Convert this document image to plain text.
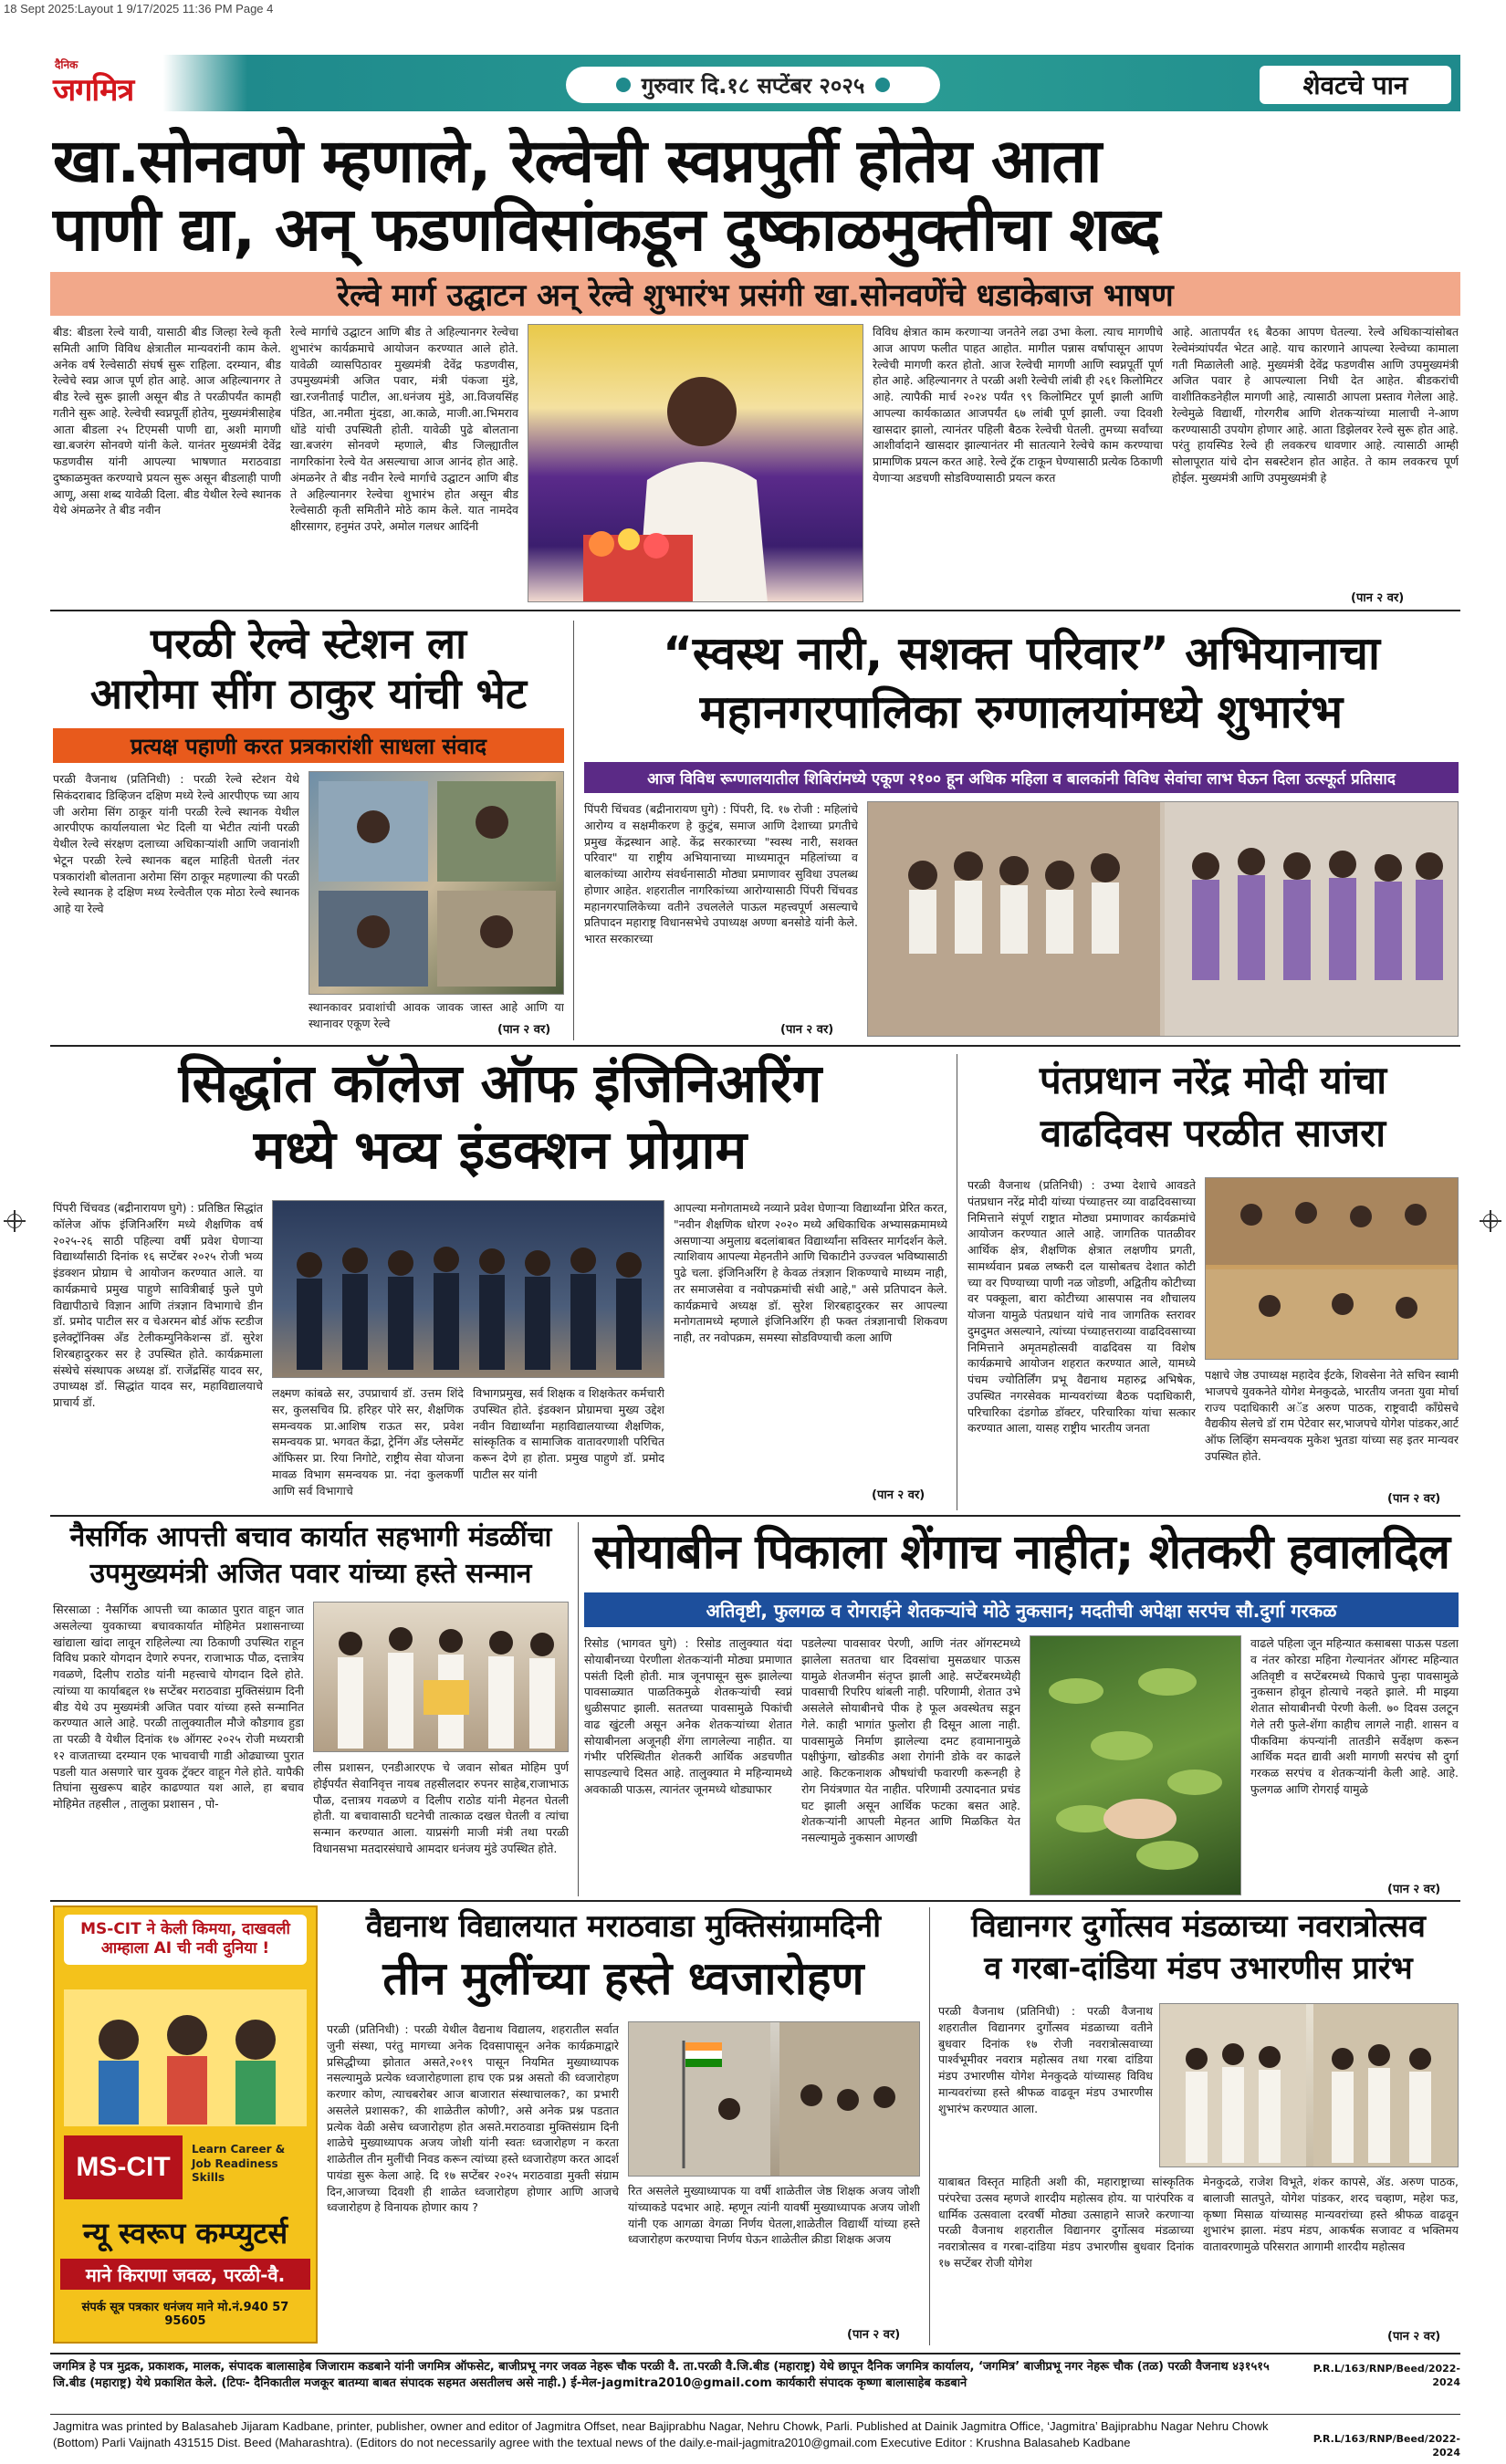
18 Sept 2025:Layout 1 9/17/2025 11:36 PM Page 4
दैनिक
जगमित्र	गुरुवार दि.१८ सप्टेंबर २०२५	शेवटचे पान
खा.सोनवणे म्हणाले, रेल्वेची स्वप्नपुर्ती होतेय आता
पाणी द्या, अन् फडणविसांकडून दुष्काळमुक्तीचा शब्द
रेल्वे मार्ग उद्घाटन अन् रेल्वे शुभारंभ प्रसंगी खा.सोनवणेंचे धडाकेबाज भाषण
बीड: बीडला रेल्वे यावी, यासाठी बीड जिल्हा रेल्वे कृती समिती आणि विविध क्षेत्रातील मान्यवरांनी काम केले. अनेक वर्ष रेल्वेसाठी संघर्ष सुरू राहिला. दरम्यान, बीड रेल्वेचे स्वप्न आज पूर्ण होत आहे. आज अहिल्यानगर ते बीड रेल्वे सुरू झाली असून बीड ते परळीपर्यंत कामही गतीने सुरू आहे. रेल्वेची स्वप्नपूर्ती होतेय, मुख्यमंत्रीसाहेब आता बीडला २५ टिएमसी पाणी द्या, अशी मागणी खा.बजरंग सोनवणे यांनी केले. यानंतर मुख्यमंत्री देवेंद्र फडणवीस यांनी आपल्या भाषणात मराठवाडा दुष्काळमुक्त करण्याचे प्रयत्न सुरू असून बीडलाही पाणी आणू, असा शब्द यावेळी दिला. बीड येथील रेल्वे स्थानक येथे अंमळनेर ते बीड नवीन
रेल्वे मार्गाचे उद्घाटन आणि बीड ते अहिल्यानगर रेल्वेचा शुभारंभ कार्यक्रमाचे आयोजन करण्यात आले होते. यावेळी व्यासपिठावर मुख्यमंत्री देवेंद्र फडणवीस, उपमुख्यमंत्री अजित पवार, मंत्री पंकजा मुंडे, खा.रजनीताई पाटील, आ.धनंजय मुंडे, आ.विजयसिंह पंडित, आ.नमीता मुंदडा, आ.काळे, माजी.आ.भिमराव धोंडे यांची उपस्थिती होती. यावेळी पुढे बोलताना खा.बजरंग सोनवणे म्हणाले, बीड जिल्ह्यातील नागरिकांना रेल्वे येत असल्याचा आज आनंद होत आहे. अंमळनेर ते बीड नवीन रेल्वे मार्गाचे उद्घाटन आणि बीड ते अहिल्यानगर रेल्वेचा शुभारंभ होत असून बीड रेल्वेसाठी कृती समितीने मोठे काम केले. यात नामदेव क्षीरसागर, हनुमंत उपरे, अमोल गलधर आदिंनी
विविध क्षेत्रात काम करणाऱ्या जनतेने लढा उभा केला. त्याच मागणीचे आज आपण फलीत पाहत आहोत. मागील पन्नास वर्षापासून आपण रेल्वेची मागणी करत होतो. आज रेल्वेची मागणी आणि स्वप्नपूर्ती पूर्ण होत आहे. अहिल्यानगर ते परळी अशी रेल्वेची लांबी ही २६१ किलोमिटर आहे. त्यापैकी मार्च २०२४ पर्यंत ९९ किलोमिटर पूर्ण झाली आणि आपल्या कार्यकाळात आजपर्यंत ६७ लांबी पूर्ण झाली. ज्या दिवशी खासदार झालो, त्यानंतर पहिली बैठक रेल्वेची घेतली. तुमच्या सर्वांच्या आशीर्वादाने खासदार झाल्यानंतर मी सातत्याने रेल्वेचे काम करण्याचा प्रामाणिक प्रयत्न करत आहे. रेल्वे ट्रॅक टाकून घेण्यासाठी प्रत्येक ठिकाणी येणाऱ्या अडचणी सोडविण्यासाठी प्रयत्न करत
आहे. आतापर्यंत १६ बैठका आपण घेतल्या. रेल्वे अधिकाऱ्यांसोबत रेल्वेमंत्र्यांपर्यंत भेटत आहे. याच कारणाने आपल्या रेल्वेच्या कामाला गती मिळालेली आहे. मुख्यमंत्री देवेंद्र फडणवीस आणि उपमुख्यमंत्री अजित पवार हे आपल्याला निधी देत आहेत. बीडकरांची वाशीतिकडनेहील मागणी आहे, त्यासाठी आपला प्रस्ताव गेलेला आहे. रेल्वेमुळे विद्यार्थी, गोरगरीब आणि शेतकऱ्यांच्या मालाची ने-आण करण्यासाठी उपयोग होणार आहे. आता डिझेलवर रेल्वे सुरू होत आहे. परंतु हायस्पिड रेल्वे ही लवकरच धावणार आहे. त्यासाठी आम्ही सोलापूरात यांचे दोन सबस्टेशन होत आहेत. ते काम लवकरच पूर्ण होईल. मुख्यमंत्री आणि उपमुख्यमंत्री हे
(पान २ वर)
परळी रेल्वे स्टेशन ला
आरोमा सींग ठाकुर यांची भेट
प्रत्यक्ष पहाणी करत प्रत्रकारांशी साधला संवाद
परळी वैजनाथ (प्रतिनिधी) : परळी रेल्वे स्टेशन येथे सिकंदराबाद डिव्हिजन दक्षिण मध्ये रेल्वे आरपीएफ च्या आय जी अरोमा सिंग ठाकूर यांनी परळी रेल्वे स्थानक येथील आरपीएफ कार्यालयाला भेट दिली या भेटीत त्यांनी परळी येथील रेल्वे संरक्षण दलाच्या अधिकाऱ्यांशी आणि जवानांशी भेटून परळी रेल्वे स्थानक बद्दल माहिती घेतली नंतर पत्रकारांशी बोलताना अरोमा सिंग ठाकूर महणाल्या की परळी रेल्वे स्थानक हे दक्षिण मध्य रेल्वेतील एक मोठा रेल्वे स्थानक आहे या रेल्वे
स्थानकावर प्रवाशांची आवक जावक जास्त आहे आणि या स्थानावर एकूण रेल्वे	(पान २ वर)
“स्वस्थ नारी, सशक्त परिवार” अभियानाचा
महानगरपालिका रुग्णालयांमध्ये शुभारंभ
आज विविध रूग्णालयातील शिबिरांमध्ये एकूण २१०० हून अधिक महिला व बालकांनी विविध सेवांचा लाभ घेऊन दिला उत्स्फूर्त प्रतिसाद
पिंपरी चिंचवड (बद्रीनारायण घुगे) : पिंपरी, दि. १७ रोजी : महिलांचे आरोग्य व सक्षमीकरण हे कुटुंब, समाज आणि देशाच्या प्रगतीचे प्रमुख केंद्रस्थान आहे. केंद्र सरकारच्या "स्वस्थ नारी, सशक्त परिवार" या राष्ट्रीय अभियानाच्या माध्यमातून महिलांच्या व बालकांच्या आरोग्य संवर्धनासाठी मोठ्या प्रमाणावर सुविधा उपलब्ध होणार आहेत. शहरातील नागरिकांच्या आरोग्यासाठी पिंपरी चिंचवड महानगरपालिकेच्या वतीने उचललेले पाऊल महत्त्वपूर्ण असल्याचे प्रतिपादन महाराष्ट्र विधानसभेचे उपाध्यक्ष अण्णा बनसोडे यांनी केले. भारत सरकारच्या
(पान २ वर)
सिद्धांत कॉलेज ऑफ इंजिनिअरिंग
मध्ये भव्य इंडक्शन प्रोग्राम
पिंपरी चिंचवड (बद्रीनारायण घुगे) : प्रतिष्ठित सिद्धांत कॉलेज ऑफ इंजिनिअरिंग मध्ये शैक्षणिक वर्ष २०२५-२६ साठी पहिल्या वर्षी प्रवेश घेणाऱ्या विद्यार्थ्यांसाठी दिनांक १६ सप्टेंबर २०२५ रोजी भव्य इंडक्शन प्रोग्राम चे आयोजन करण्यात आले. या कार्यक्रमाचे प्रमुख पाहुणे सावित्रीबाई फुले पुणे विद्यापीठाचे विज्ञान आणि तंत्रज्ञान विभागाचे डीन डॉ. प्रमोद पाटील सर व चेअरमन बोर्ड ऑफ स्टडीज इलेक्ट्रॉनिक्स अँड टेलीकम्युनिकेशन्स डॉ. सुरेश शिरबहादुरकर सर हे उपस्थित होते. कार्यक्रमाला संस्थेचे संस्थापक अध्यक्ष डॉ. राजेंद्रसिंह यादव सर, उपाध्यक्ष डॉ. सिद्धांत यादव सर, महाविद्यालयाचे प्राचार्य डॉ.
लक्ष्मण कांबळे सर, उपप्राचार्य डॉ. उत्तम शिंदे सर, कुलसचिव प्रि. हरिहर पोरे सर, शैक्षणिक समन्वयक प्रा.आशिष राऊत सर, प्रवेश समन्वयक प्रा. भगवत केंद्रा, ट्रेनिंग अँड प्लेसमेंट ऑफिसर प्रा. रिया निगोटे, राष्ट्रीय सेवा योजना मावळ विभाग समन्वयक प्रा. नंदा कुलकर्णी आणि सर्व विभागाचे
विभागप्रमुख, सर्व शिक्षक व शिक्षकेतर कर्मचारी उपस्थित होते. इंडक्शन प्रोग्रामचा मुख्य उद्देश नवीन विद्यार्थ्यांना महाविद्यालयाच्या शैक्षणिक, सांस्कृतिक व सामाजिक वातावरणाशी परिचित करून देणे हा होता. प्रमुख पाहुणे डॉ. प्रमोद पाटील सर यांनी
आपल्या मनोगतामध्ये नव्याने प्रवेश घेणाऱ्या विद्यार्थ्यांना प्रेरित करत, "नवीन शैक्षणिक धोरण २०२० मध्ये अधिकाधिक अभ्यासक्रमामध्ये असणाऱ्या अमुलाग्र बदलांबाबत विद्यार्थ्यांना सविस्तर मार्गदर्शन केले. त्याशिवाय आपल्या मेहनतीने आणि चिकाटीने उज्ज्वल भविष्यासाठी पुढे चला. इंजिनिअरिंग हे केवळ तंत्रज्ञान शिकण्याचे माध्यम नाही, तर समाजसेवा व नवोपक्रमांची संधी आहे," असे प्रतिपादन केले. कार्यक्रमाचे अध्यक्ष डॉ. सुरेश शिरबहादुरकर सर आपल्या मनोगतामध्ये म्हणाले इंजिनिअरिंग ही फक्त तंत्रज्ञानाची शिकवण नाही, तर नवोपक्रम, समस्या सोडविण्याची कला आणि
(पान २ वर)
पंतप्रधान नरेंद्र मोदी यांचा
वाढदिवस परळीत साजरा
परळी वैजनाथ (प्रतिनिधी) : उभ्या देशाचे आवडते पंतप्रधान नरेंद्र मोदी यांच्या पंच्याहत्तर व्या वाढदिवसाच्या निमित्ताने संपूर्ण राष्ट्रात मोठ्या प्रमाणावर कार्यक्रमांचे आयोजन करण्यात आले आहे. जागतिक पातळीवर आर्थिक क्षेत्र, शैक्षणिक क्षेत्रात लक्षणीय प्रगती, सामर्थ्यवान प्रबळ लष्करी दल यासोबतच देशात कोटी च्या वर पिण्याच्या पाणी नळ जोडणी, अद्वितीय कोटीच्या वर पक्कूला, बारा कोटीच्या आसपास नव शौचालय योजना यामुळे पंतप्रधान यांचे नाव जागतिक स्तरावर दुमदुमत असल्याने, त्यांच्या पंच्याहत्तराव्या वाढदिवसाच्या निमित्ताने अमृतमहोत्सवी वाढदिवस या विशेष कार्यक्रमाचे आयोजन शहरात करण्यात आले, यामध्ये पंचम ज्योतिर्लिंग प्रभू वैद्यनाथ महारुद्र अभिषेक, उपस्थित नगरसेवक मान्यवरांच्या बैठक पदाधिकारी, परिचारिका दंडगोळ डॉक्टर, परिचारिका यांचा सत्कार करण्यात आला, यासह राष्ट्रीय भारतीय जनता
पक्षाचे जेष्ठ उपाध्यक्ष महादेव ईटके, शिवसेना नेते सचिन स्वामी भाजपचे युवकनेते योगेश मेनकुदळे, भारतीय जनता युवा मोर्चा राज्य पदाधिकारी अॅड अरुण पाठक, राष्ट्रवादी कॉंग्रेसचे वैद्यकीय सेलचे डॉ राम पेटेवार सर,भाजपचे योगेश पांडकर,आर्ट ऑफ लिव्हिंग समन्वयक मुकेश भुतडा यांच्या सह इतर मान्यवर उपस्थित होते.
(पान २ वर)
नैसर्गिक आपत्ती बचाव कार्यात सहभागी मंडळींचा
उपमुख्यमंत्री अजित पवार यांच्या हस्ते सन्मान
सिरसाळा : नैसर्गिक आपत्ती च्या काळात पुरात वाहून जात असलेल्या युवकाच्या बचावकार्यात मोहिमेत प्रशासनाच्या खांद्याला खांदा लावून राहिलेल्या त्या ठिकाणी उपस्थित राहून विविध प्रकारे योगदान देणारे रुपनर, राजाभाऊ पौळ, दत्तात्रेय गवळणे, दिलीप राठोड यांनी महत्त्वाचे योगदान दिले होते. त्यांच्या या कार्याबद्दल १७ सप्टेंबर मराठवाडा मुक्तिसंग्राम दिनी बीड येथे उप मुख्यमंत्री अजित पवार यांच्या हस्ते सन्मानित करण्यात आले आहे. परळी तालुक्यातील मौजे कौडगाव हुडा ता परळी वै येथील दिनांक १७ ऑगस्ट २०२५ रोजी मध्यरात्री १२ वाजताच्या दरम्यान एक भाचवाची गाडी ओढ्याच्या पुरात पडली यात असणारे चार युवक ट्रॅक्टर वाहून गेले होते. यापैकी तिघांना सुखरूप बाहेर काढण्यात यश आले, हा बचाव मोहिमेत तहसील , तालुका प्रशासन , पो-
लीस प्रशासन, एनडीआरएफ चे जवान सोबत मोहिम पुर्ण होईपर्यंत सेवानिवृत्त नायब तहसीलदार रुपनर साहेब,राजाभाऊ पौळ, दत्तात्रय गवळणे व दिलीप राठोड यांनी मेहनत घेतली होती. या बचावासाठी घटनेची तात्काळ दखल घेतली व त्यांचा सन्मान करण्यात आला. याप्रसंगी माजी मंत्री तथा परळी विधानसभा मतदारसंघाचे आमदार धनंजय मुंडे उपस्थित होते.
सोयाबीन पिकाला शेंगाच नाहीत; शेतकरी हवालदिल
अतिवृष्टी, फुलगळ व रोगराईने शेतकऱ्यांचे मोठे नुकसान; मदतीची अपेक्षा सरपंच सौ.दुर्गा गरकळ
रिसोड (भागवत घुगे) : रिसोड तालुक्यात यंदा सोयाबीनच्या पेरणीला शेतकऱ्यांनी मोठ्या प्रमाणात पसंती दिली होती. मात्र जूनपासून सुरू झालेल्या पावसाळ्यात पाळतिकमुळे शेतकऱ्यांची स्वप्नं धुळीसपाट झाली. सततच्या पावसामुळे पिकांची वाढ खुंटली असून अनेक शेतकऱ्यांच्या शेतात सोयाबीनला अजूनही शेंगा लागलेल्या नाहीत. या गंभीर परिस्थितीत शेतकरी आर्थिक अडचणीत सापडल्याचे दिसत आहे. तालुक्यात मे महिन्यामध्ये अवकाळी पाऊस, त्यानंतर जूनमध्ये थोड्याफार
पडलेल्या पावसावर पेरणी, आणि नंतर ऑगस्टमध्ये झालेला सततचा धार दिवसांचा मुसळधार पाऊस यामुळे शेतजमीन संतृप्त झाली आहे. सप्टेंबरमध्येही पावसाची रिपरिप थांबली नाही. परिणामी, शेतात उभे असलेले सोयाबीनचे पीक हे फूल अवस्थेतच सडून गेले. काही भागांत फुलोरा ही दिसून आला नाही. पावसामुळे निर्माण झालेल्या दमट हवामानामुळे पक्षीफुंगा, खोडकीड अशा रोगांनी डोके वर काढले आहे. किटकनाशक औषधांची फवारणी करूनही हे रोग नियंत्रणात येत नाहीत. परिणामी उत्पादनात प्रचंड घट झाली असून आर्थिक फटका बसत आहे. शेतकऱ्यांनी आपली मेहनत आणि मिळकित येत नसल्यामुळे नुकसान आणखी
वाढले पहिला जून महिन्यात कसाबसा पाऊस पडला व नंतर कोरडा महिना गेल्यानंतर ऑगस्ट महिन्यात अतिवृष्टी व सप्टेंबरमध्ये पिकाचे पुन्हा पावसामुळे नुकसान होवून होत्याचे नव्हते झाले. मी माझ्या शेतात सोयाबीनची पेरणी केली. ७० दिवस उलटून गेले तरी फुले-शेंगा काहीच लागले नाही. शासन व पीकविमा कंपन्यांनी तातडीने सर्वेक्षण करून आर्थिक मदत द्यावी अशी मागणी सरपंच सौ दुर्गा गरकळ सरपंच व शेतकऱ्यांनी केली आहे. आहे. फुलगळ आणि रोगराई यामुळे
(पान २ वर)
MS-CIT ने केली किमया, दाखवली आम्हाला AI ची नवी दुनिया !
MS-CIT
Learn Career & Job Readiness Skills
न्यू स्वरूप कम्प्युटर्स
माने किराणा जवळ, परळी-वै.
संपर्क सूत्र पत्रकार धनंजय माने मो.नं.940 57 95605
वैद्यनाथ विद्यालयात मराठवाडा मुक्तिसंग्रामदिनी
तीन मुलींच्या हस्ते ध्वजारोहण
परळी (प्रतिनिधी) : परळी येथील वैद्यनाथ विद्यालय, शहरातील सर्वात जुनी संस्था, परंतु मागच्या अनेक दिवसापासून अनेक कार्यक्रमाद्वारे प्रसिद्धीच्या झोतात असते,२०१९ पासून नियमित मुख्याध्यापक नसल्यामुळे प्रत्येक ध्वजारोहणाला हाच एक प्रश्न असतो की ध्वजारोहण करणार कोण, त्याचबरोबर आज बाजारात संस्थाचालक?, का प्रभारी असलेले प्रशासक?, की शाळेतील कोणी?, असे अनेक प्रश्न पडतात प्रत्येक वेळी असेच ध्वजारोहण होत असते.मराठवाडा मुक्तिसंग्राम दिनी शाळेचे मुख्याध्यापक अजय जोशी यांनी स्वतः ध्वजारोहण न करता शाळेतील तीन मुलींची निवड करून त्यांच्या हस्ते ध्वजारोहण करत आदर्श पायंडा सुरू केला आहे. दि १७ सप्टेंबर २०२५ मराठवाडा मुक्ती संग्राम दिन,आजच्या दिवशी ही शाळेत ध्वजारोहण होणार आणि आजचे ध्वजारोहण हे विनायक होणार काय ?
रित असलेले मुख्याध्यापक या वर्षी शाळेतील जेष्ठ शिक्षक अजय जोशी यांच्याकडे पदभार आहे. म्हणून त्यांनी यावर्षी मुख्याध्यापक अजय जोशी यांनी एक आगळा वेगळा निर्णय घेतला,शाळेतील विद्यार्थी यांच्या हस्ते ध्वजारोहण करण्याचा निर्णय घेऊन शाळेतील क्रीडा शिक्षक अजय
(पान २ वर)
विद्यानगर दुर्गोत्सव मंडळाच्या नवरात्रोत्सव
व गरबा-दांडिया मंडप उभारणीस प्रारंभ
परळी वैजनाथ (प्रतिनिधी) : परळी वैजनाथ शहरातील विद्यानगर दुर्गोत्सव मंडळाच्या वतीने बुधवार दिनांक १७ रोजी नवरात्रोत्सवाच्या पार्श्वभूमीवर नवरात्र महोत्सव तथा गरबा दांडिया मंडप उभारणीस योगेश मेनकुदळे यांच्यासह विविध मान्यवरांच्या हस्ते श्रीफळ वाढवून मंडप उभारणीस शुभारंभ करण्यात आला.
याबाबत विस्तृत माहिती अशी की, महाराष्ट्राच्या सांस्कृतिक परंपरेचा उत्सव म्हणजे शारदीय महोत्सव होय. या पारंपरिक व धार्मिक उत्सवाला दरवर्षी मोठ्या उत्साहाने साजरे करणाऱ्या परळी वैजनाथ शहरातील विद्यानगर दुर्गोत्सव मंडळाच्या नवरात्रोत्सव व गरबा-दांडिया मंडप उभारणीस बुधवार दिनांक १७ सप्टेंबर रोजी योगेश
मेनकुदळे, राजेश विभूते, शंकर कापसे, ॲड. अरुण पाठक, बालाजी सातपुते, योगेश पांडकर, शरद चव्हाण, महेश फड, कृष्णा मिसाळ यांच्यासह मान्यवरांच्या हस्ते श्रीफळ वाढवून शुभारंभ झाला. मंडप मंडप, आकर्षक सजावट व भक्तिमय वातावरणामुळे परिसरात आगामी शारदीय महोत्सव
(पान २ वर)
जगमित्र हे पत्र मुद्रक, प्रकाशक, मालक, संपादक बालासाहेब जिजाराम कडबाने यांनी जगमित्र ऑफसेट, बाजीप्रभू नगर जवळ नेहरू चौक परळी वै. ता.परळी वै.जि.बीड (महाराष्ट्र) येथे छापून दैनिक जगमित्र कार्यालय, ‘जगमित्र’ बाजीप्रभू नगर नेहरू चौक (तळ) परळी वैजनाथ ४३१५१५ जि.बीड (महाराष्ट्र) येथे प्रकाशित केले. (टिपः- दैनिकातील मजकूर बातम्या बाबत संपादक सहमत असतीलच असे नाही.) ई-मेल-jagmitra2010@gmail.com कार्यकारी संपादक कृष्णा बालासाहेब कडबाने
P.R.L/163/RNP/Beed/2022-2024
Jagmitra was printed by Balasaheb Jijaram Kadbane, printer, publisher, owner and editor of Jagmitra Offset, near Bajiprabhu Nagar, Nehru Chowk, Parli. Published at Dainik Jagmitra Office, ‘Jagmitra’ Bajiprabhu Nagar Nehru Chowk (Bottom) Parli Vaijnath 431515 Dist. Beed (Maharashtra). (Editors do not necessarily agree with the textual news of the daily.e-mail-jagmitra2010@gmail.com Executive Editor : Krushna Balasaheb Kadbane	P.R.L/163/RNP/Beed/2022-2024
